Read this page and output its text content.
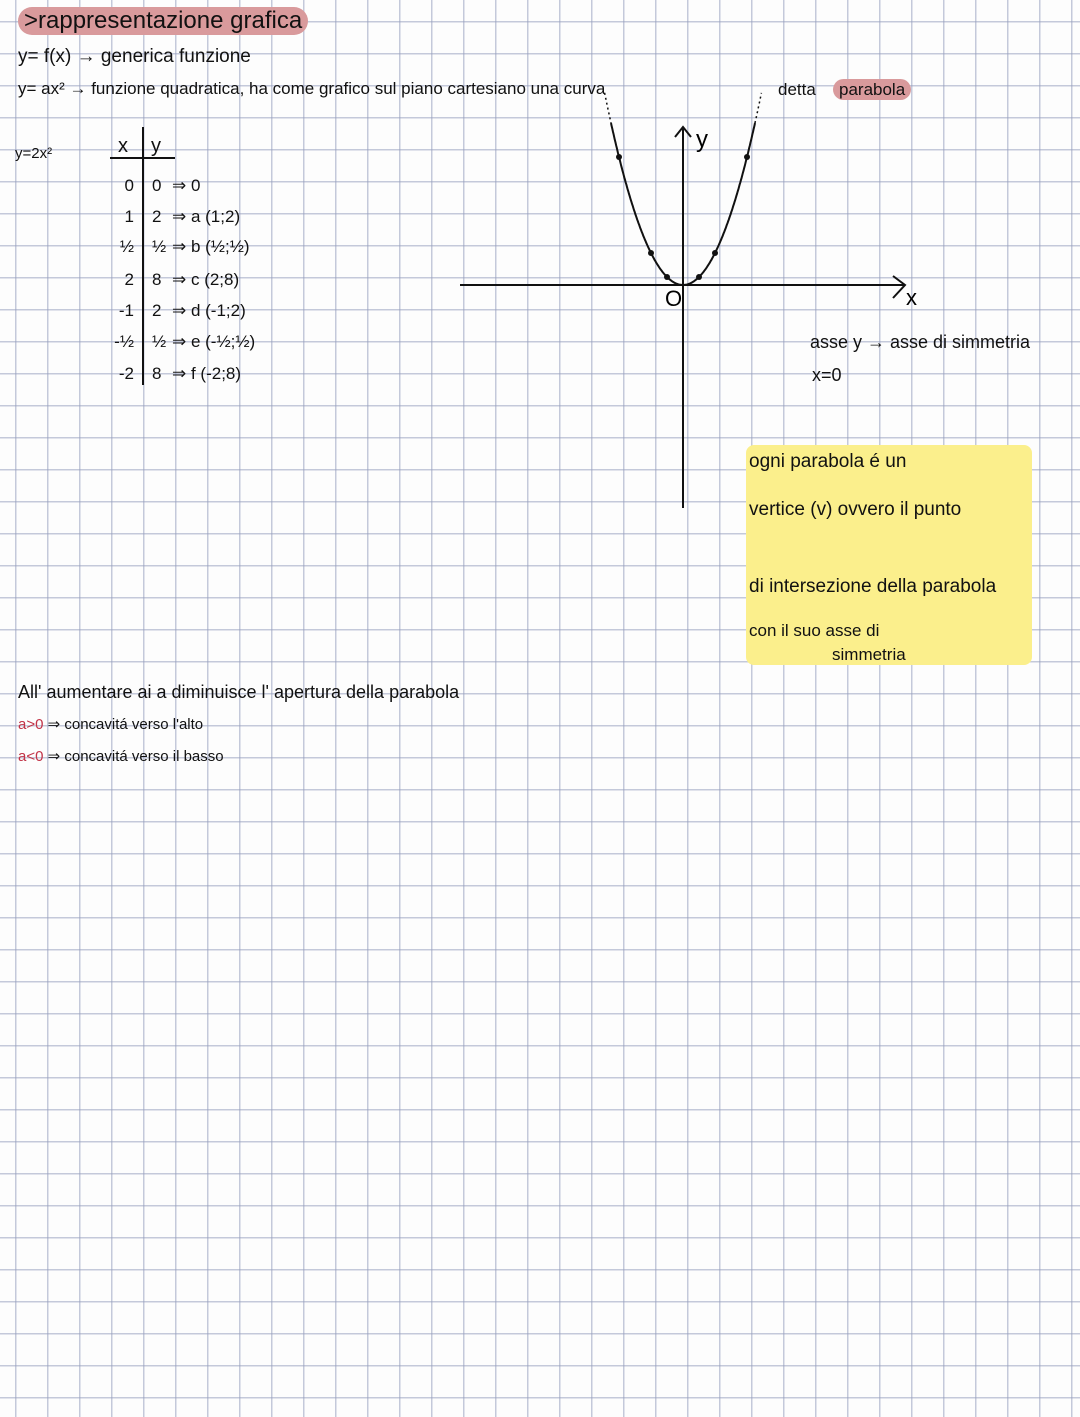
>rappresentazione grafica
y= f(x) → generica funzione
y= ax² → funzione quadratica, ha come grafico sul piano cartesiano una curva	detta	parabola
y=2x²	x y
0 0 ⇒ 0
1 2 ⇒ a (1;2)
½ ½ ⇒ b (½;½)
2 8 ⇒ c (2;8)
-1 2 ⇒ d (-1;2)
-½ ½ ⇒ e (-½;½)
-2 8 ⇒ f (-2;8)
y
x
O
asse y → asse di simmetria
x=0
ogni parabola é un
vertice (v) ovvero il punto
di intersezione della parabola
con il suo asse di
simmetria
All' aumentare ai a diminuisce l' apertura della parabola
a>0 ⇒ concavitá verso l'alto
a<0 ⇒ concavitá verso il basso
